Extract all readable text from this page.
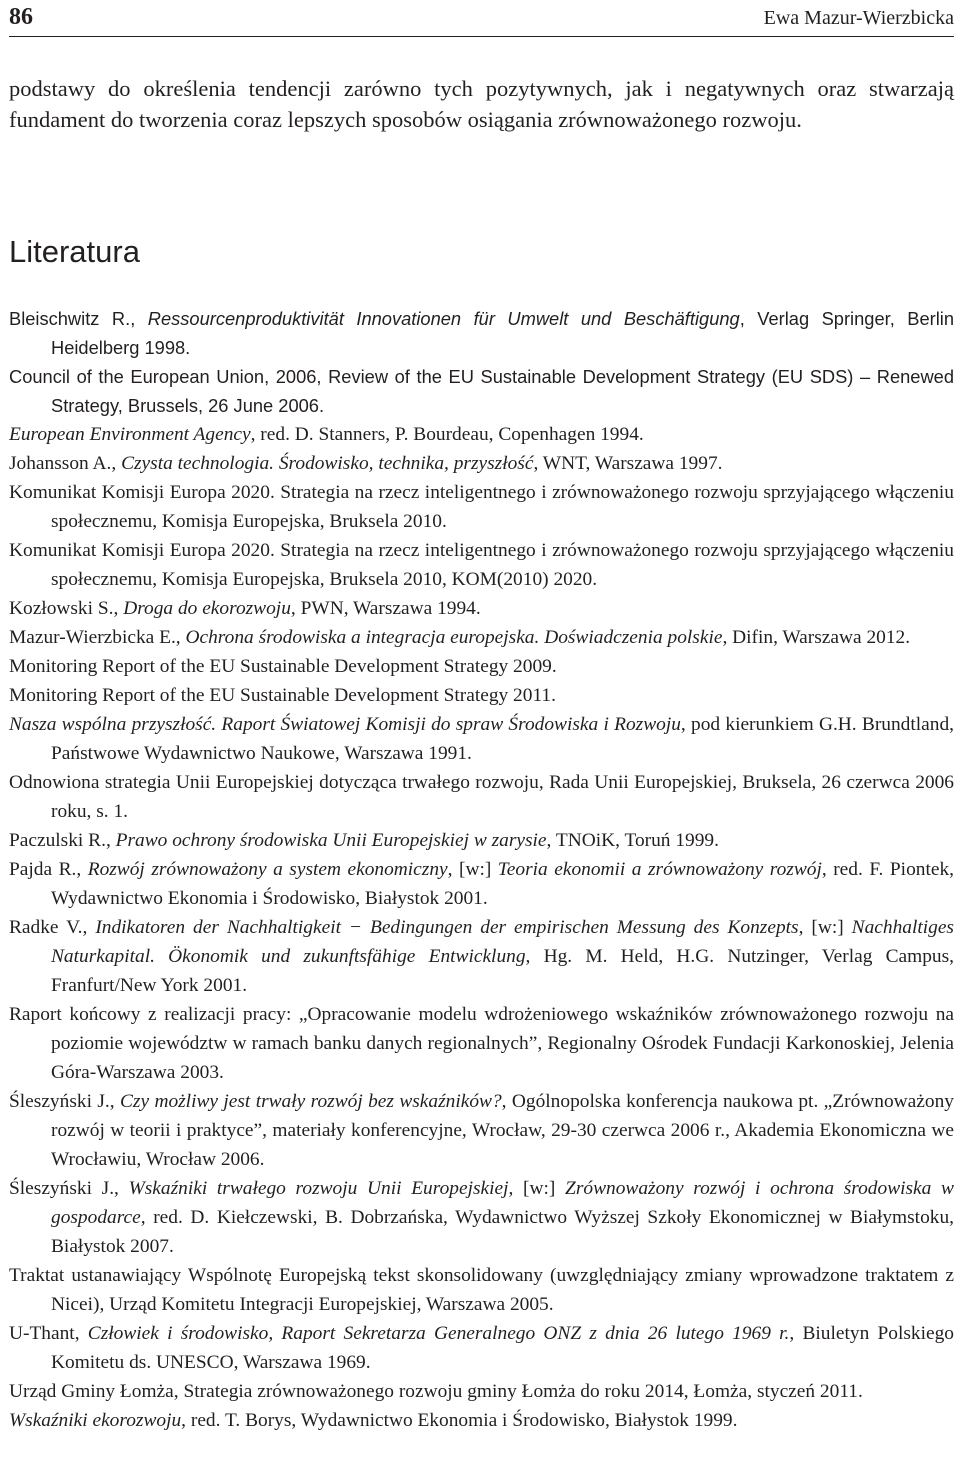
86	Ewa Mazur-Wierzbicka

podstawy do określenia tendencji zarówno tych pozytywnych, jak i negatywnych oraz stwarzają fundament do tworzenia coraz lepszych sposobów osiągania zrównoważonego rozwoju.

Literatura
Bleischwitz R., Ressourcenproduktivität Innovationen für Umwelt und Beschäftigung, Verlag Springer, Berlin Heidelberg 1998.
Council of the European Union, 2006, Review of the EU Sustainable Development Strategy (EU SDS) – Renewed Strategy, Brussels, 26 June 2006.
European Environment Agency, red. D. Stanners, P. Bourdeau, Copenhagen 1994.
Johansson A., Czysta technologia. Środowisko, technika, przyszłość, WNT, Warszawa 1997.
Komunikat Komisji Europa 2020. Strategia na rzecz inteligentnego i zrównoważonego rozwoju sprzyjającego włączeniu społecznemu, Komisja Europejska, Bruksela 2010.
Komunikat Komisji Europa 2020. Strategia na rzecz inteligentnego i zrównoważonego rozwoju sprzyjającego włączeniu społecznemu, Komisja Europejska, Bruksela 2010, KOM(2010) 2020.
Kozłowski S., Droga do ekorozwoju, PWN, Warszawa 1994.
Mazur-Wierzbicka E., Ochrona środowiska a integracja europejska. Doświadczenia polskie, Difin, Warszawa 2012.
Monitoring Report of the EU Sustainable Development Strategy 2009.
Monitoring Report of the EU Sustainable Development Strategy 2011.
Nasza wspólna przyszłość. Raport Światowej Komisji do spraw Środowiska i Rozwoju, pod kierunkiem G.H. Brundtland, Państwowe Wydawnictwo Naukowe, Warszawa 1991.
Odnowiona strategia Unii Europejskiej dotycząca trwałego rozwoju, Rada Unii Europejskiej, Bruksela, 26 czerwca 2006 roku, s. 1.
Paczulski R., Prawo ochrony środowiska Unii Europejskiej w zarysie, TNOiK, Toruń 1999.
Pajda R., Rozwój zrównoważony a system ekonomiczny, [w:] Teoria ekonomii a zrównoważony rozwój, red. F. Piontek, Wydawnictwo Ekonomia i Środowisko, Białystok 2001.
Radke V., Indikatoren der Nachhaltigkeit − Bedingungen der empirischen Messung des Konzepts, [w:] Nachhaltiges Naturkapital. Ökonomik und zukunftsfähige Entwicklung, Hg. M. Held, H.G. Nutzinger, Verlag Campus, Franfurt/New York 2001.
Raport końcowy z realizacji pracy: „Opracowanie modelu wdrożeniowego wskaźników zrównoważonego rozwoju na poziomie województw w ramach banku danych regionalnych”, Regionalny Ośrodek Fundacji Karkonoskiej, Jelenia Góra-Warszawa 2003.
Śleszyński J., Czy możliwy jest trwały rozwój bez wskaźników?, Ogólnopolska konferencja naukowa pt. „Zrównoważony rozwój w teorii i praktyce”, materiały konferencyjne, Wrocław, 29-30 czerwca 2006 r., Akademia Ekonomiczna we Wrocławiu, Wrocław 2006.
Śleszyński J., Wskaźniki trwałego rozwoju Unii Europejskiej, [w:] Zrównoważony rozwój i ochrona środowiska w gospodarce, red. D. Kiełczewski, B. Dobrzańska, Wydawnictwo Wyższej Szkoły Ekonomicznej w Białymstoku, Białystok 2007.
Traktat ustanawiający Wspólnotę Europejską tekst skonsolidowany (uwzględniający zmiany wprowadzone traktatem z Nicei), Urząd Komitetu Integracji Europejskiej, Warszawa 2005.
U-Thant, Człowiek i środowisko, Raport Sekretarza Generalnego ONZ z dnia 26 lutego 1969 r., Biuletyn Polskiego Komitetu ds. UNESCO, Warszawa 1969.
Urząd Gminy Łomża, Strategia zrównoważonego rozwoju gminy Łomża do roku 2014, Łomża, styczeń 2011.
Wskaźniki ekorozwoju, red. T. Borys, Wydawnictwo Ekonomia i Środowisko, Białystok 1999.
